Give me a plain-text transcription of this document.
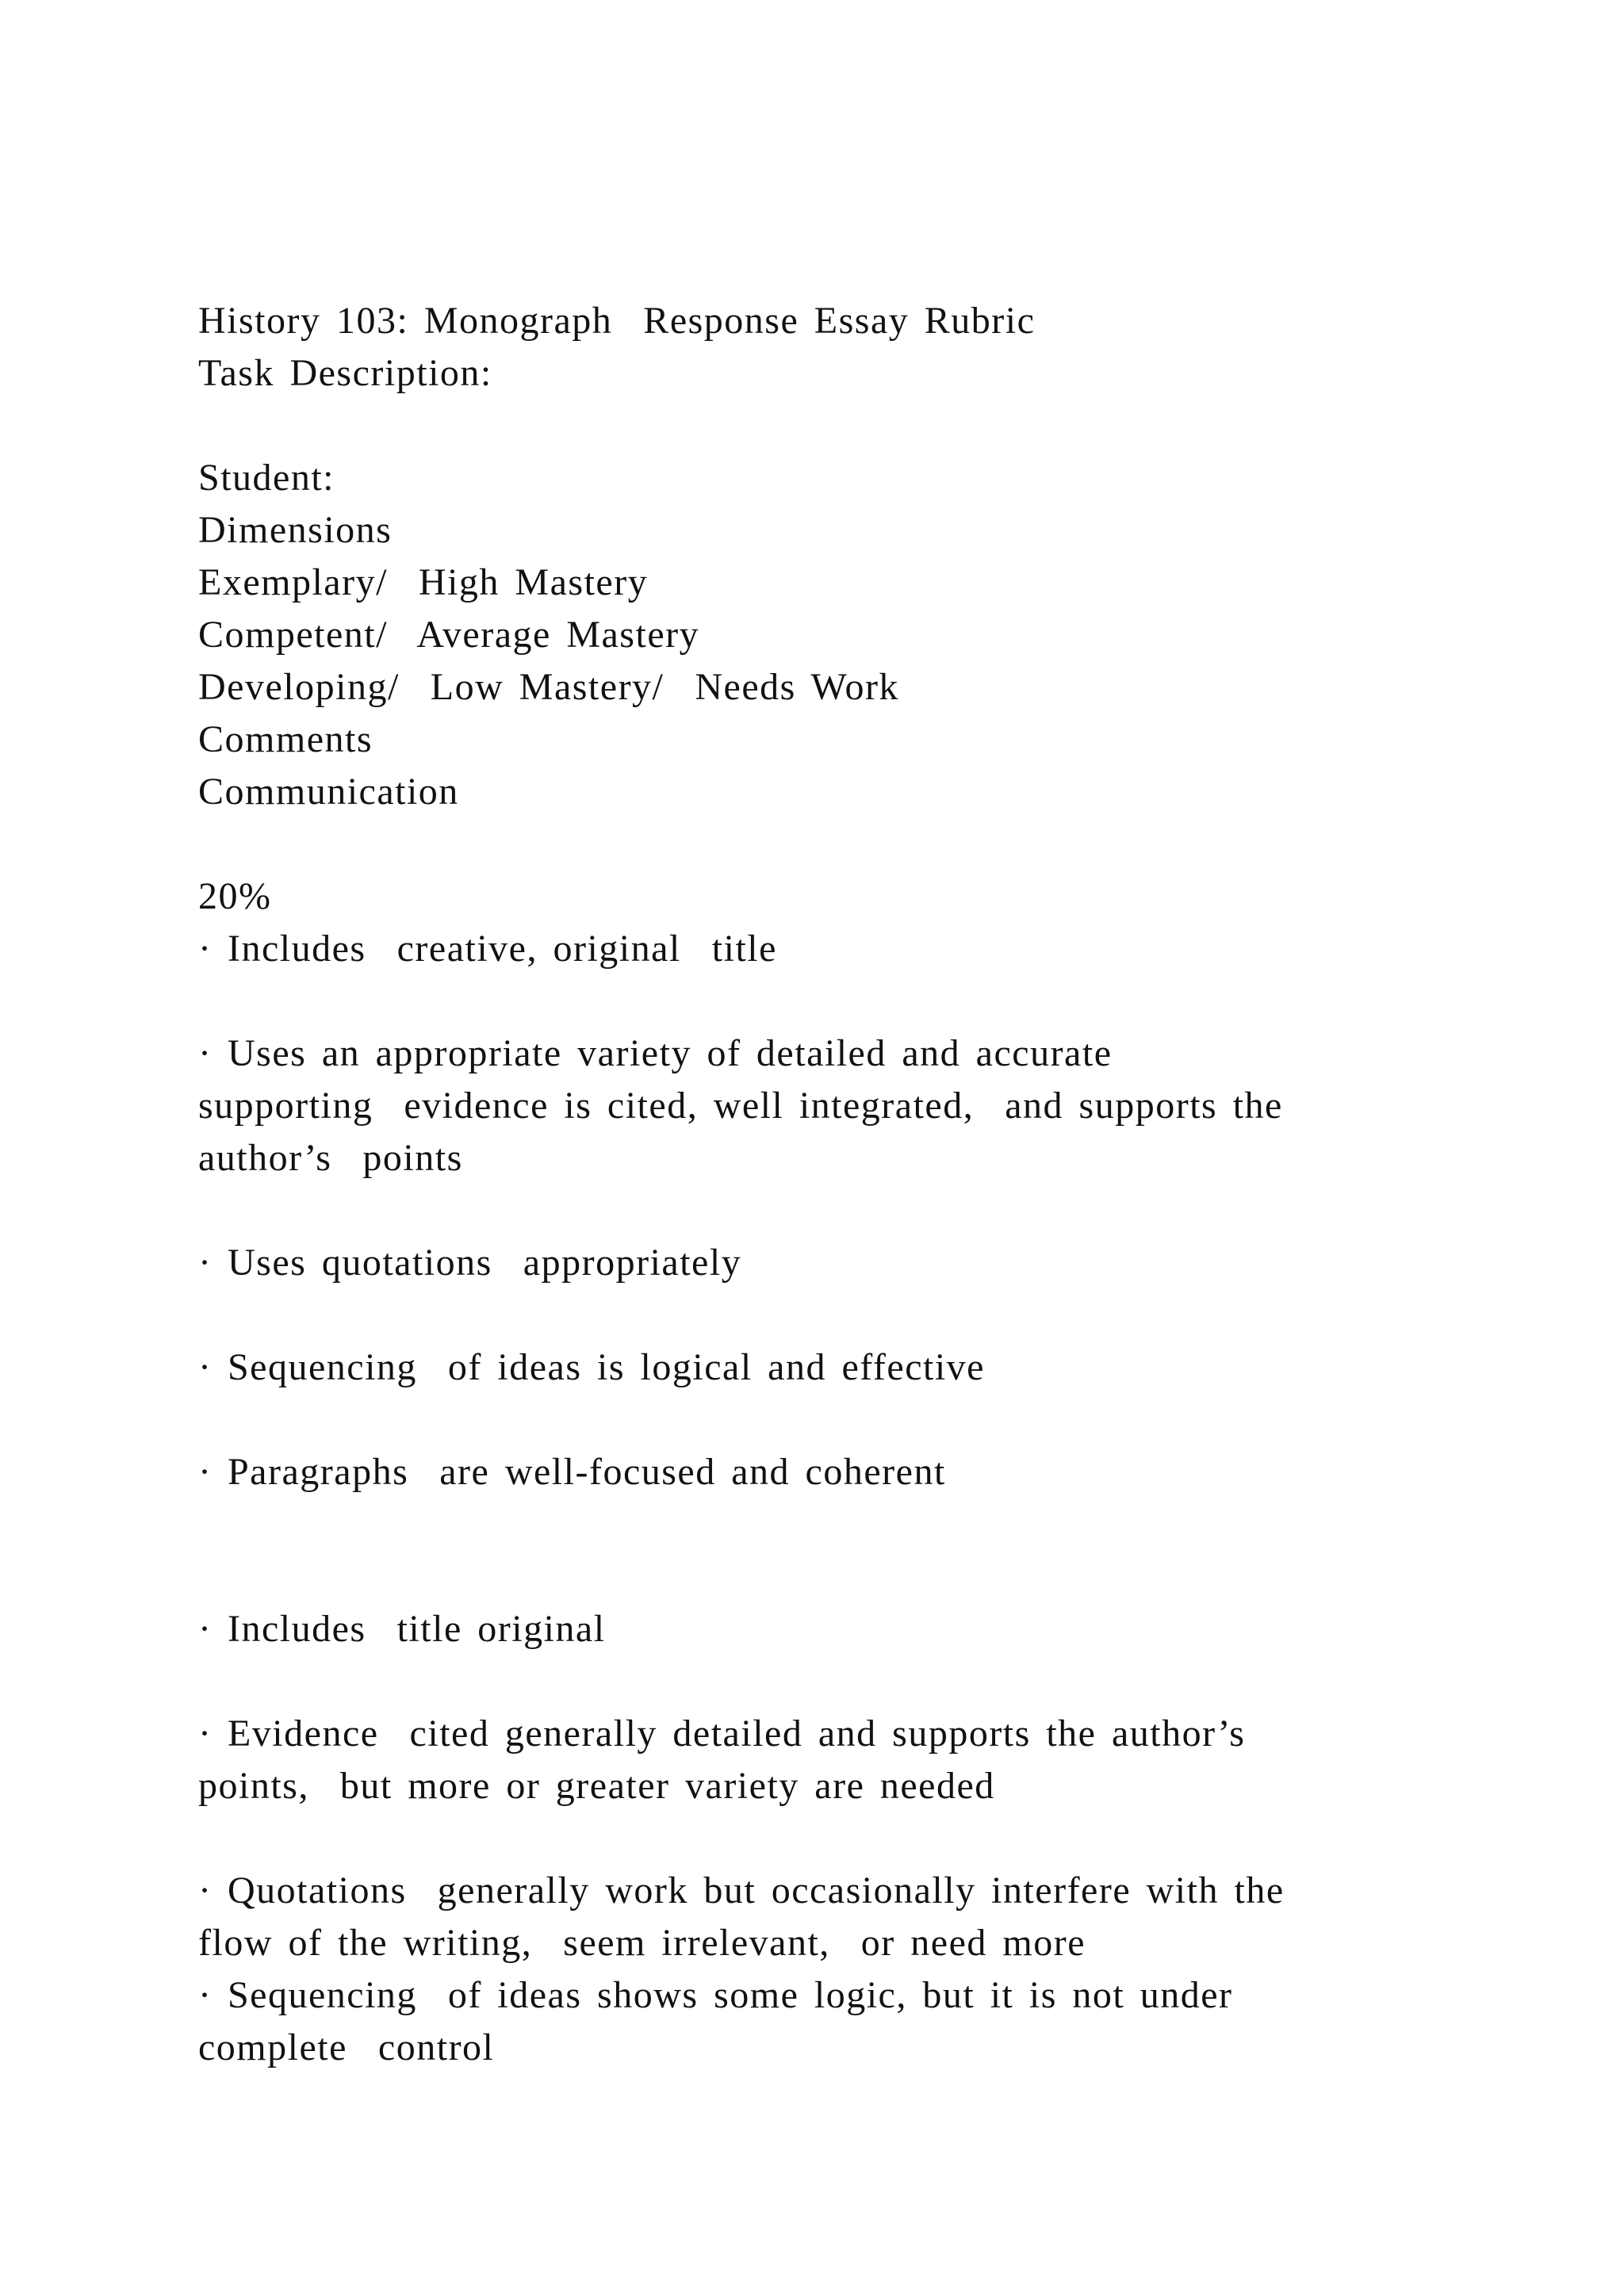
History 103: Monograph  Response Essay Rubric
Task Description:
Student:
Dimensions
Exemplary/  High Mastery
Competent/  Average Mastery
Developing/  Low Mastery/  Needs Work
Comments
Communication
20%
· Includes  creative, original  title
· Uses an appropriate variety of detailed and accurate
supporting  evidence is cited, well integrated,  and supports the
author’s  points
· Uses quotations  appropriately
· Sequencing  of ideas is logical and effective
· Paragraphs  are well-focused and coherent
· Includes  title original
· Evidence  cited generally detailed and supports the author’s
points,  but more or greater variety are needed
· Quotations  generally work but occasionally interfere with the
flow of the writing,  seem irrelevant,  or need more
· Sequencing  of ideas shows some logic, but it is not under
complete  control
